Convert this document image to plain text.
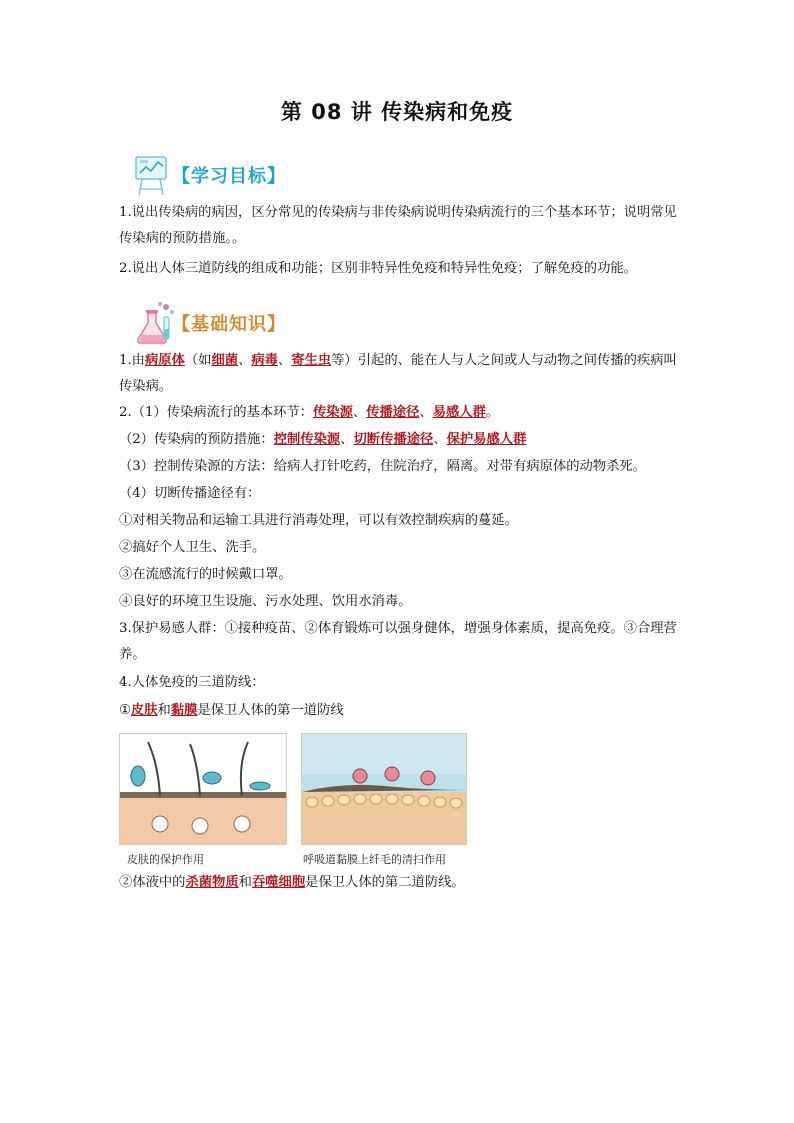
第 08 讲 传染病和免疫
【学习目标】
1.说出传染病的病因，区分常见的传染病与非传染病说明传染病流行的三个基本环节；说明常见传染病的预防措施。。
2.说出人体三道防线的组成和功能；区别非特异性免疫和特异性免疫；了解免疫的功能。
【基础知识】
1.由病原体（如细菌、病毒、寄生虫等）引起的、能在人与人之间或人与动物之间传播的疾病叫传染病。
2.（1）传染病流行的基本环节：传染源、传播途径、易感人群。
（2）传染病的预防措施：控制传染源、切断传播途径、保护易感人群
（3）控制传染源的方法：给病人打针吃药，住院治疗，隔离。对带有病原体的动物杀死。
（4）切断传播途径有：
①对相关物品和运输工具进行消毒处理，可以有效控制疾病的蔓延。
②搞好个人卫生、洗手。
③在流感流行的时候戴口罩。
④良好的环境卫生设施、污水处理、饮用水消毒。
3.保护易感人群：①接种疫苗、②体育锻炼可以强身健体，增强身体素质，提高免疫。③合理营养。
4.人体免疫的三道防线：
①皮肤和黏膜是保卫人体的第一道防线
皮肤的保护作用	呼吸道黏膜上纤毛的清扫作用
②体液中的杀菌物质和吞噬细胞是保卫人体的第二道防线。
